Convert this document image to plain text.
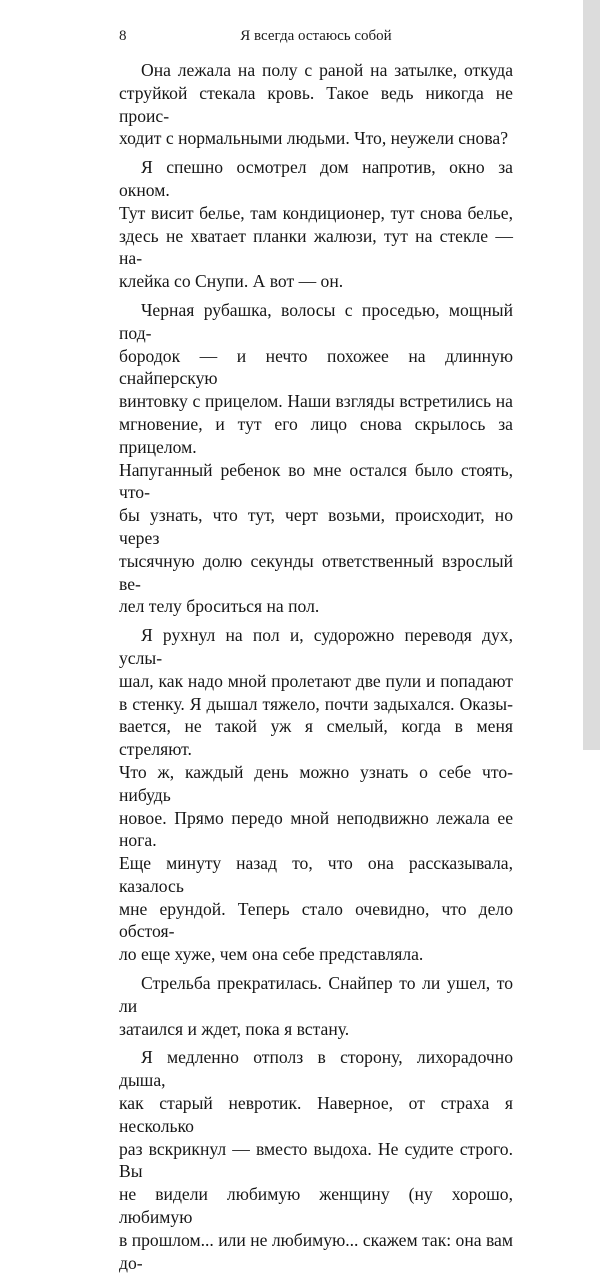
8	Я всегда остаюсь собой
Она лежала на полу с раной на затылке, откуда
струйкой стекала кровь. Такое ведь никогда не проис-
ходит с нормальными людьми. Что, неужели снова?
Я спешно осмотрел дом напротив, окно за окном.
Тут висит белье, там кондиционер, тут снова белье,
здесь не хватает планки жалюзи, тут на стекле — на-
клейка со Снупи. А вот — он.
Черная рубашка, волосы с проседью, мощный под-
бородок — и нечто похожее на длинную снайперскую
винтовку с прицелом. Наши взгляды встретились на
мгновение, и тут его лицо снова скрылось за прицелом.
Напуганный ребенок во мне остался было стоять, что-
бы узнать, что тут, черт возьми, происходит, но через
тысячную долю секунды ответственный взрослый ве-
лел телу броситься на пол.
Я рухнул на пол и, судорожно переводя дух, услы-
шал, как надо мной пролетают две пули и попадают
в стенку. Я дышал тяжело, почти задыхался. Оказы-
вается, не такой уж я смелый, когда в меня стреляют.
Что ж, каждый день можно узнать о себе что-нибудь
новое. Прямо передо мной неподвижно лежала ее нога.
Еще минуту назад то, что она рассказывала, казалось
мне ерундой. Теперь стало очевидно, что дело обстоя-
ло еще хуже, чем она себе представляла.
Стрельба прекратилась. Снайпер то ли ушел, то ли
затаился и ждет, пока я встану.
Я медленно отполз в сторону, лихорадочно дыша,
как старый невротик. Наверное, от страха я несколько
раз вскрикнул — вместо выдоха. Не судите строго. Вы
не видели любимую женщину (ну хорошо, любимую
в прошлом... или не любимую... скажем так: она вам до-
